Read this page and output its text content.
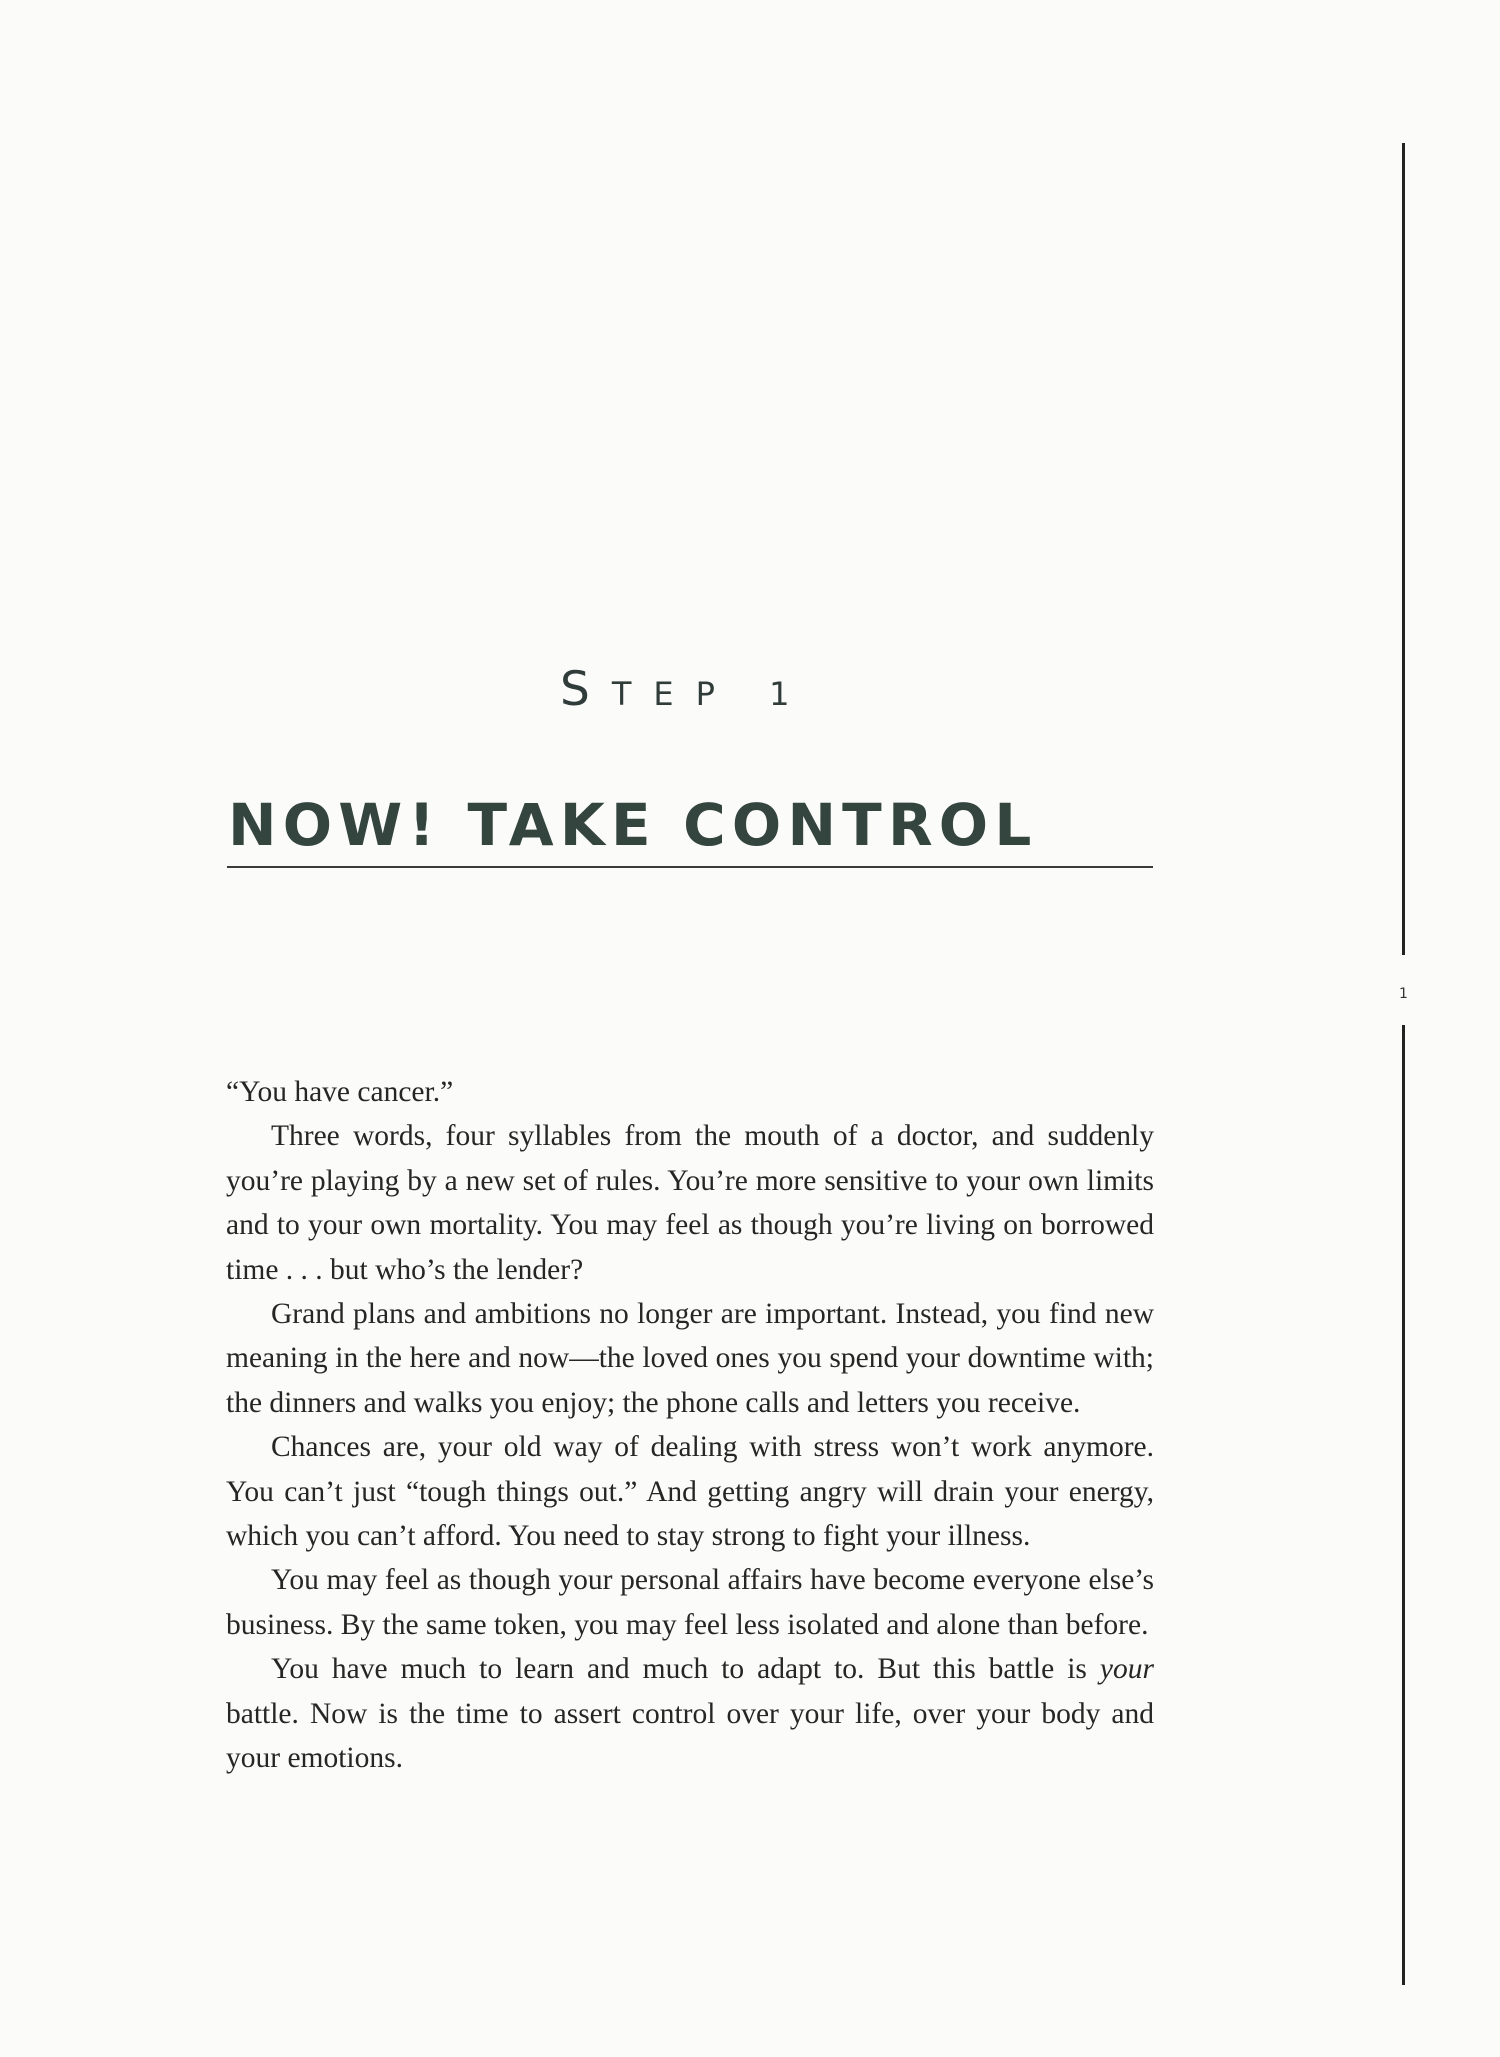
1
STEP 1
NOW! TAKE CONTROL

“You have cancer.”

Three words, four syllables from the mouth of a doctor, and suddenly you’re playing by a new set of rules. You’re more sensitive to your own limits and to your own mortality. You may feel as though you’re living on borrowed time . . . but who’s the lender?

Grand plans and ambitions no longer are important. Instead, you find new meaning in the here and now—the loved ones you spend your downtime with; the dinners and walks you enjoy; the phone calls and letters you receive.

Chances are, your old way of dealing with stress won’t work anymore. You can’t just “tough things out.” And getting angry will drain your energy, which you can’t afford. You need to stay strong to fight your illness.

You may feel as though your personal affairs have become everyone else’s business. By the same token, you may feel less isolated and alone than before.

You have much to learn and much to adapt to. But this battle is your battle. Now is the time to assert control over your life, over your body and your emotions.
